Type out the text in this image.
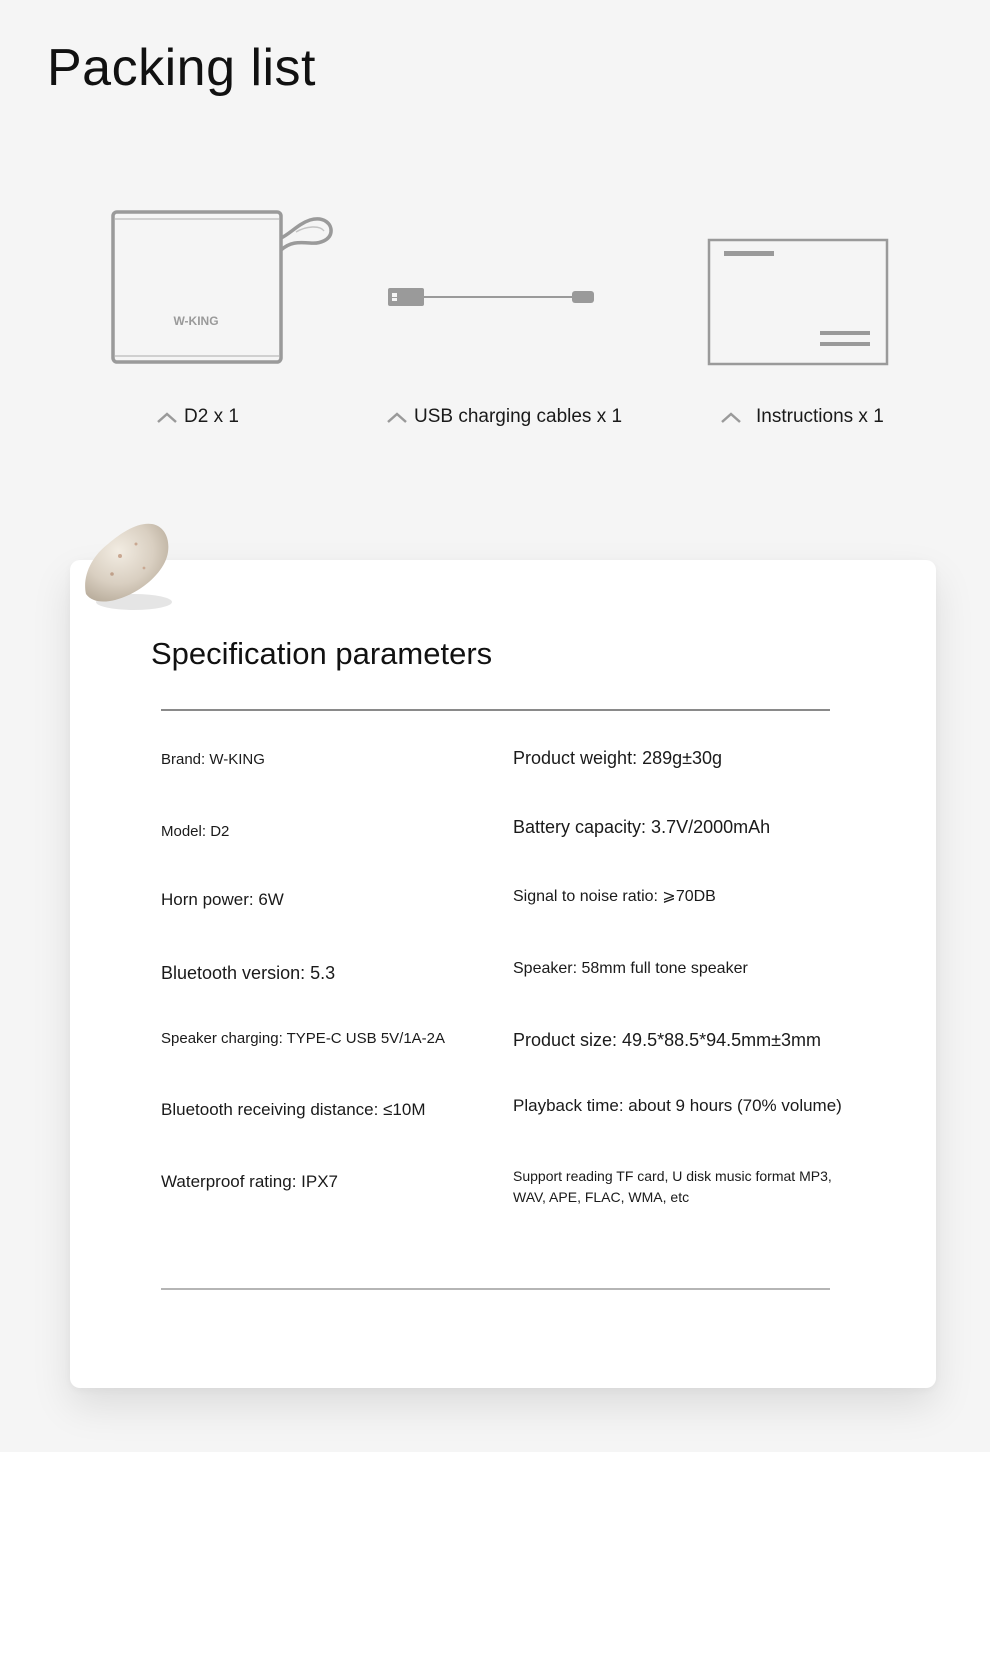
Packing list
W-KING
D2 x 1	USB charging cables x 1	Instructions x 1
Specification parameters
Brand: W-KING
Model: D2
Horn power: 6W
Bluetooth version: 5.3
Speaker charging: TYPE-C USB 5V/1A-2A
Bluetooth receiving distance: ≤10M
Waterproof rating: IPX7
Product weight: 289g±30g
Battery capacity: 3.7V/2000mAh
Signal to noise ratio: ⩾70DB
Speaker: 58mm full tone speaker
Product size: 49.5*88.5*94.5mm±3mm
Playback time: about 9 hours (70% volume)
Support reading TF card, U disk music format MP3,
WAV, APE, FLAC, WMA, etc
